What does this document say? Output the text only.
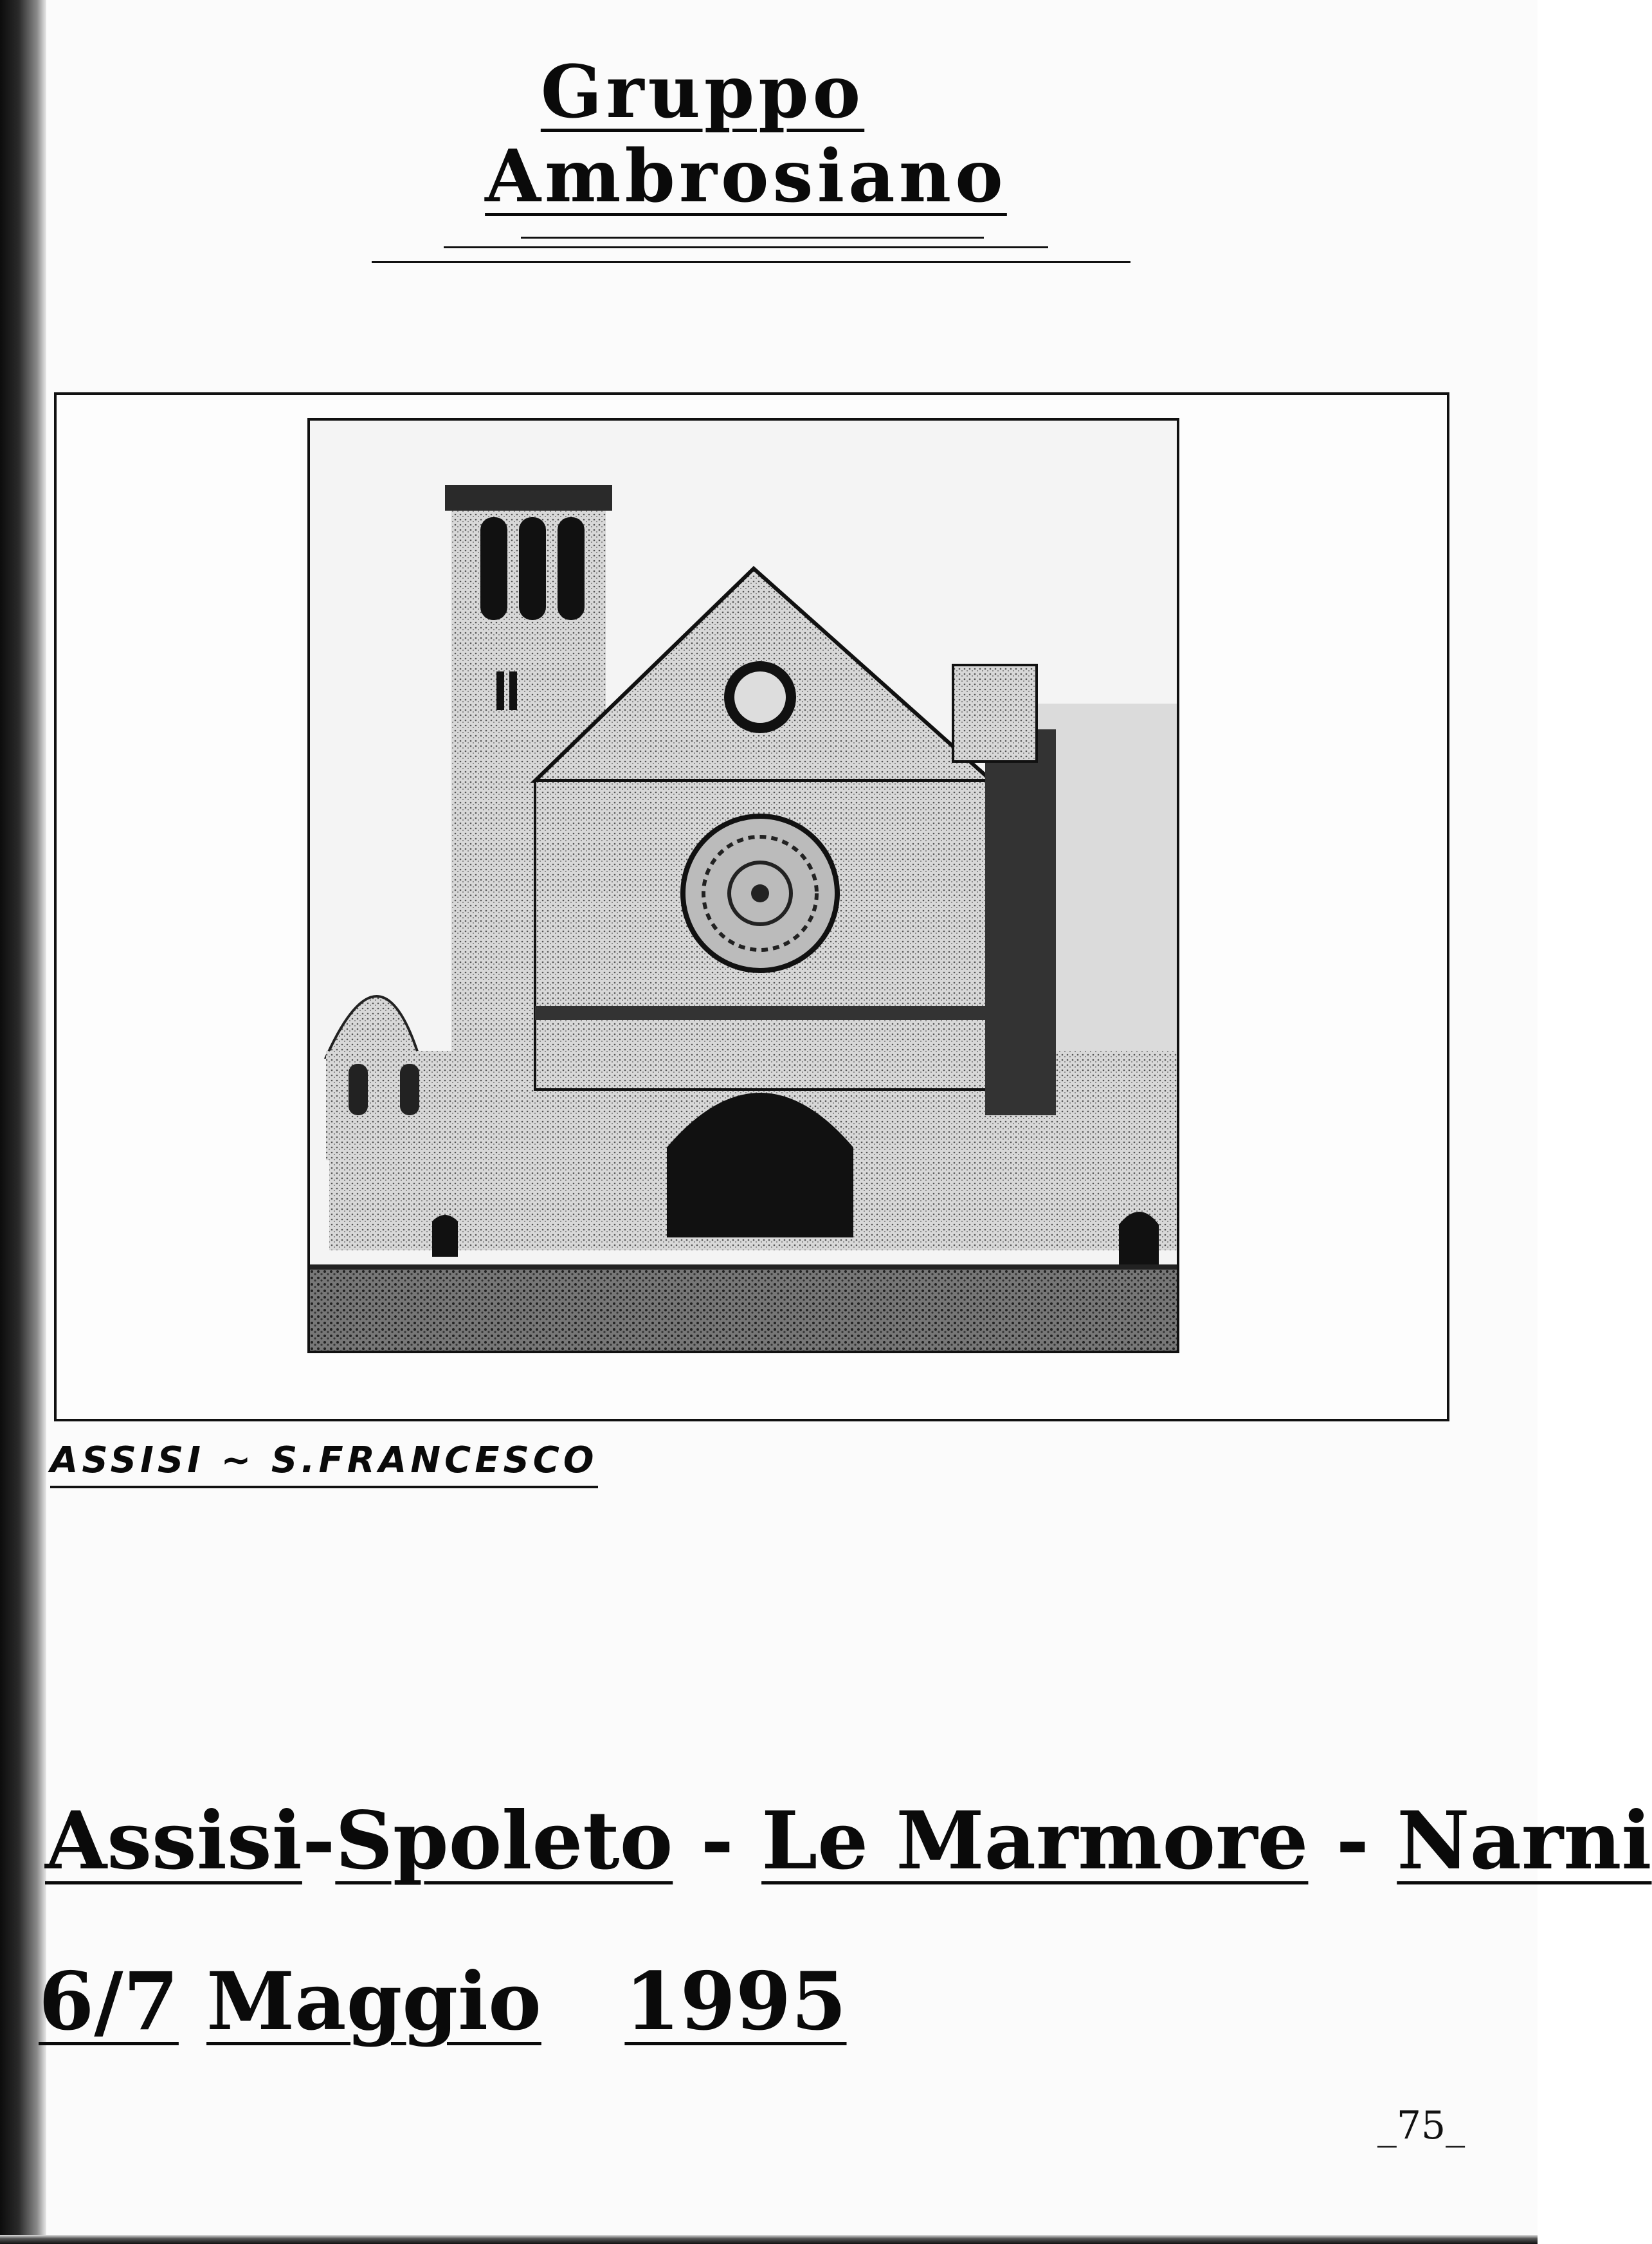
Gruppo    Ambrosiano
ASSISI ~ S.FRANCESCO
Assisi-Spoleto - Le Marmore - Narni
6/7 Maggio 1995
_75_
